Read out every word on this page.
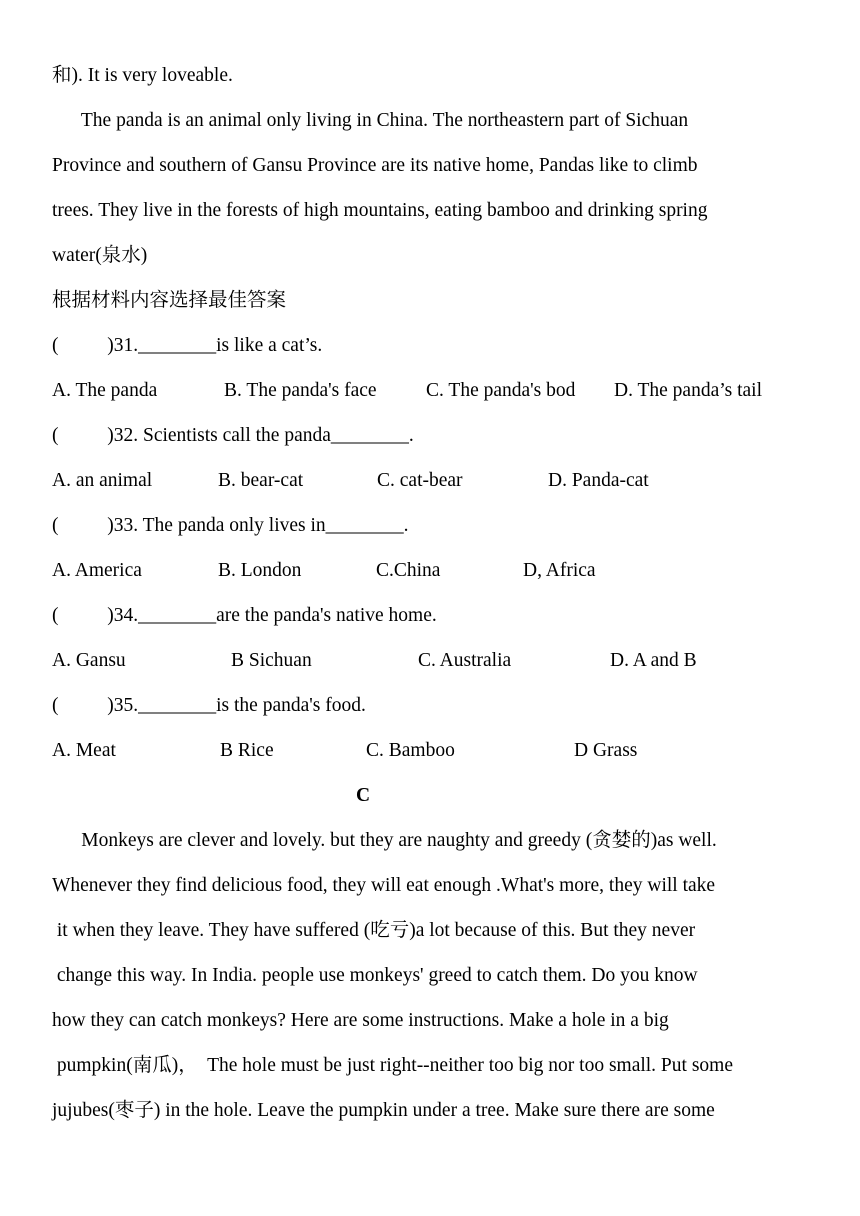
和). It is very loveable.
The panda is an animal only living in China. The northeastern part of Sichuan
Province and southern of Gansu Province are its native home, Pandas like to climb
trees. They live in the forests of high mountains, eating bamboo and drinking spring
water(泉水)
根据材料内容选择最佳答案
(          )31.________is like a cat’s.
A. The panda	B. The panda's face	C. The panda's bod D. The panda’s tail
(          )32. Scientists call the panda________.
A. an animal	B. bear-cat	C. cat-bear	D. Panda-cat
(          )33. The panda only lives in________.
A. America	B. London	C.China	D, Africa
(          )34.________are the panda's native home.
A. Gansu	B Sichuan	C. Australia	D. A and B
(          )35.________is the panda's food.
A. Meat	B Rice	C. Bamboo	D Grass
C
Monkeys are clever and lovely. but they are naughty and greedy (贪婪的)as well.
Whenever they find delicious food, they will eat enough .What's more, they will take
it when they leave. They have suffered (吃亏)a lot because of this. But they never
change this way. In India. people use monkeys' greed to catch them. Do you know
how they can catch monkeys? Here are some instructions. Make a hole in a big
pumpkin(南瓜)，  The hole must be just right--neither too big nor too small. Put some
jujubes(枣子) in the hole. Leave the pumpkin under a tree. Make sure there are some
